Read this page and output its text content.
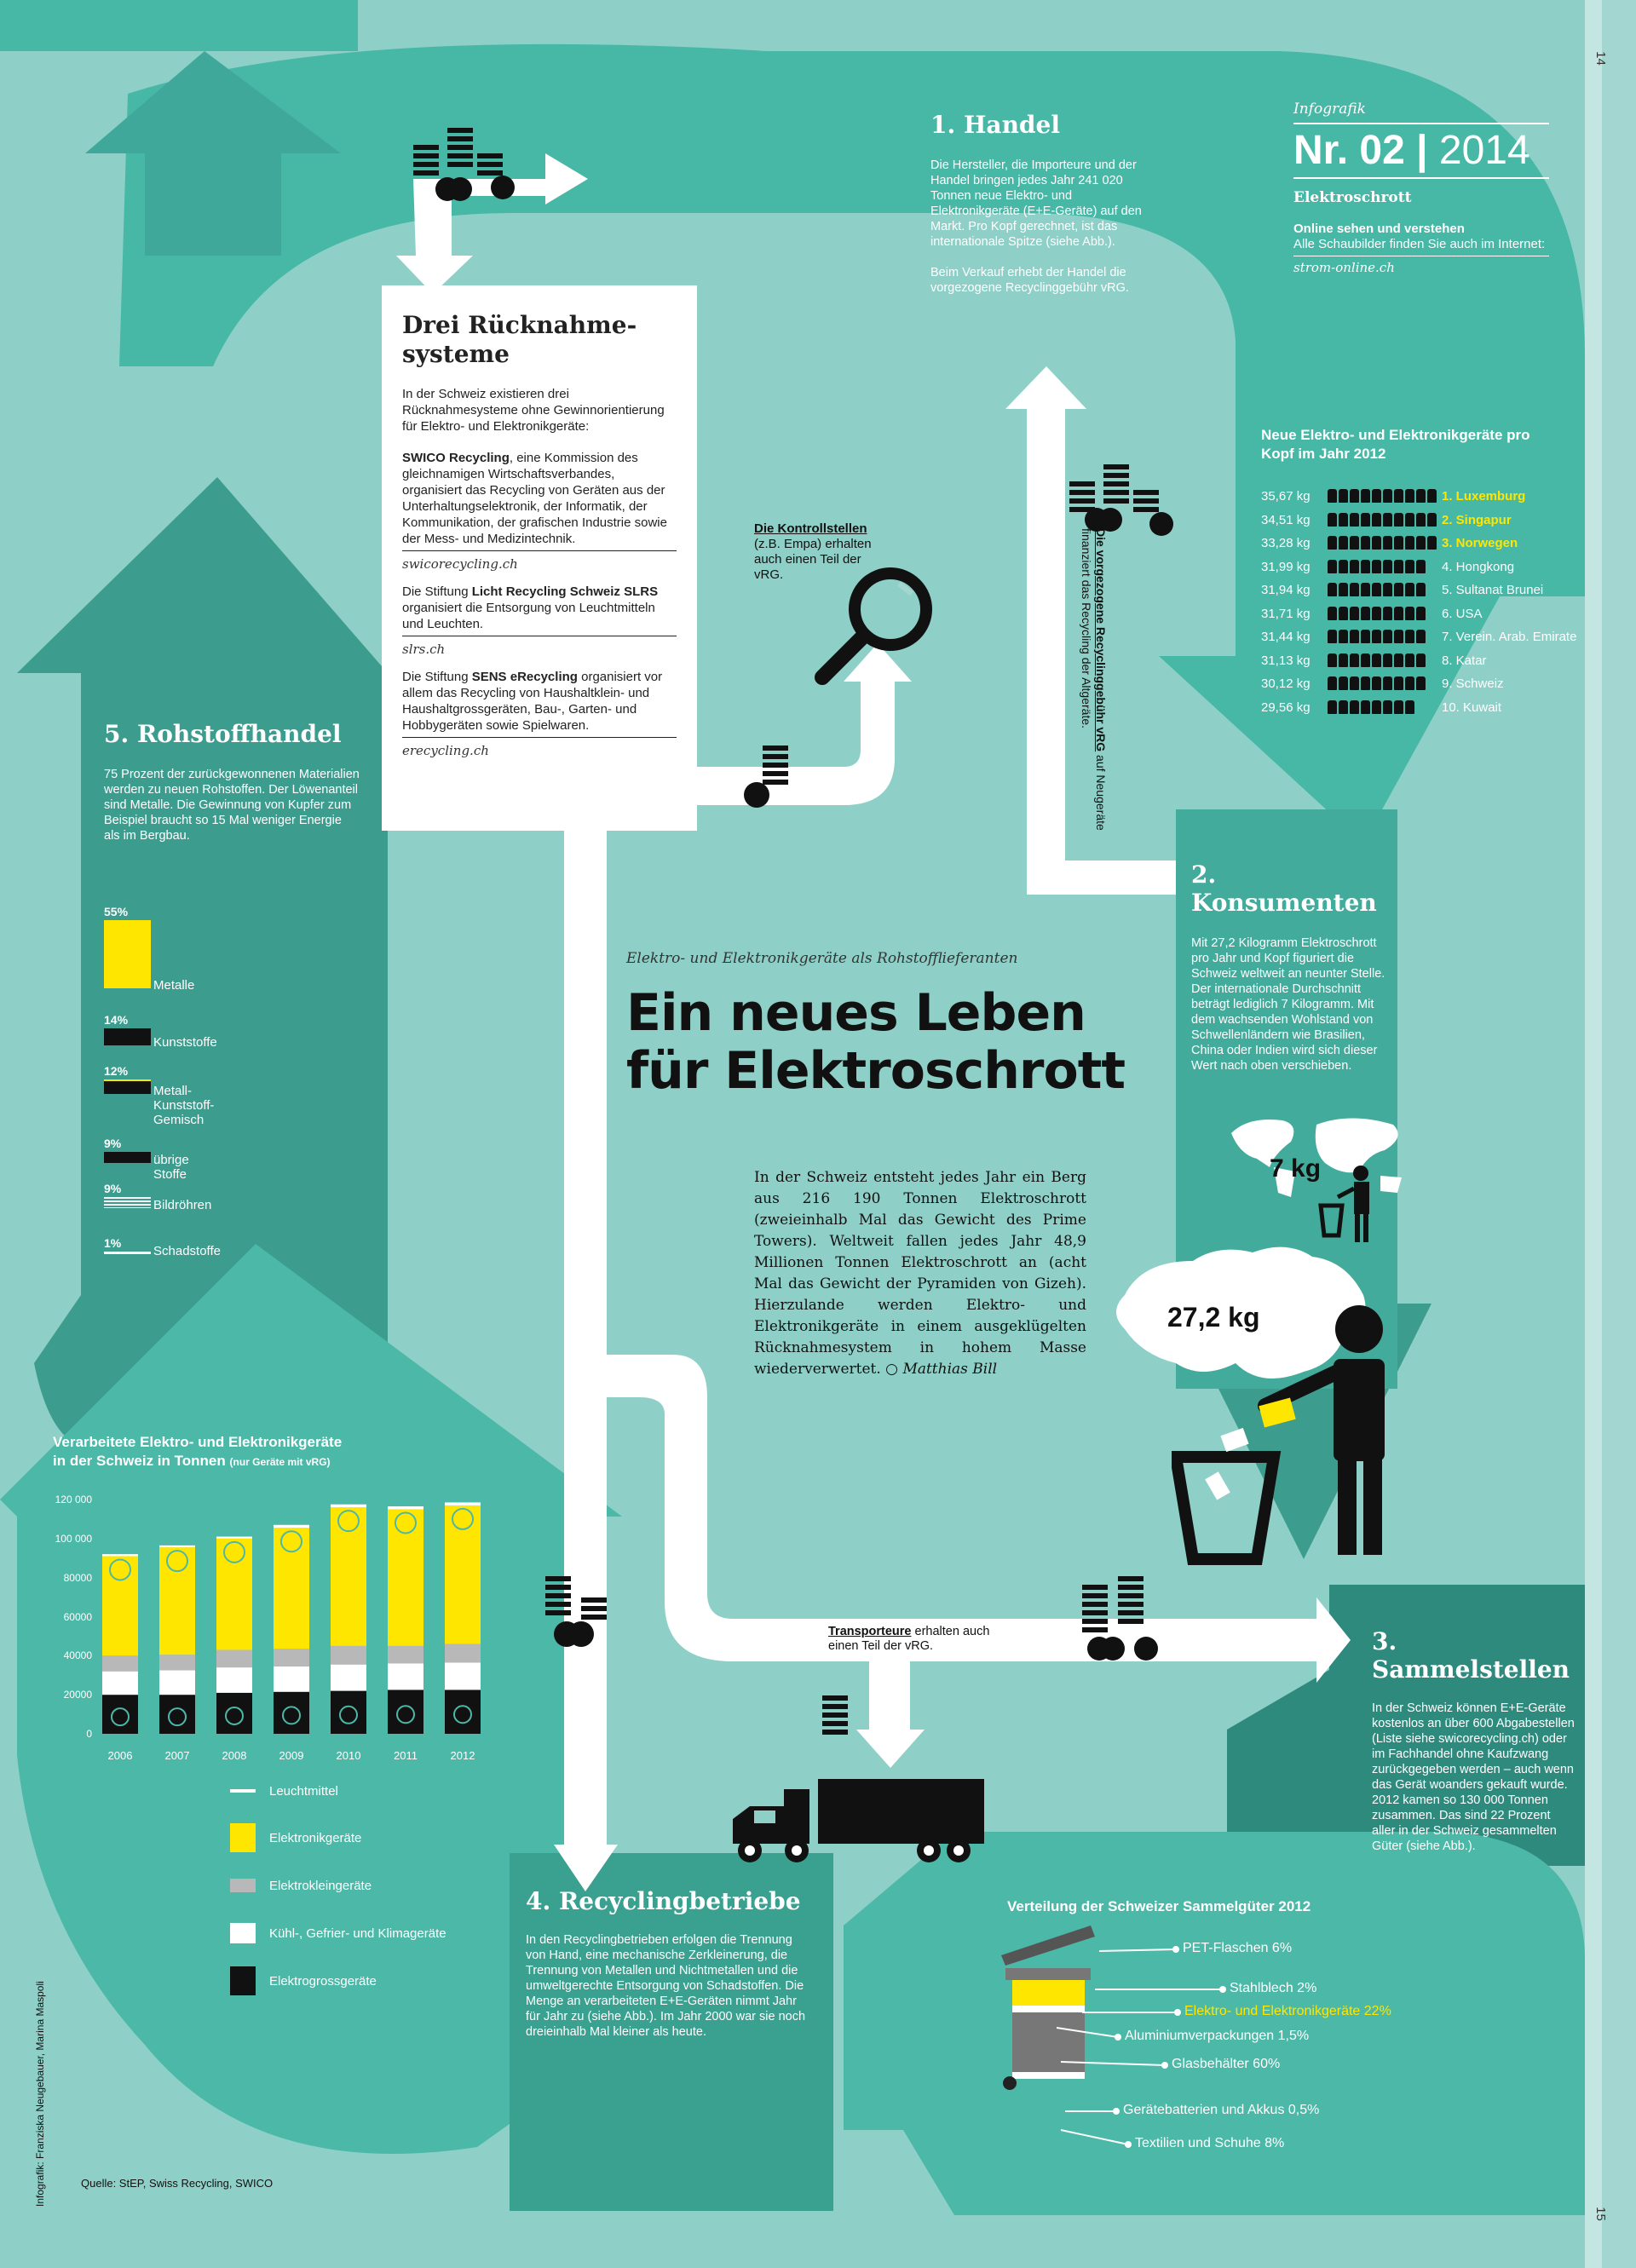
14
15
Infografik
Nr. 02 | 2014
Elektroschrott
Online sehen und verstehen
Alle Schaubilder finden Sie auch im Internet:
strom-online.ch
1. Handel

Die Hersteller, die Importeure und der Handel bringen jedes Jahr 241 020 Tonnen neue Elektro- und Elektronikgeräte (E+E-Geräte) auf den Markt. Pro Kopf gerechnet, ist das internationale Spitze (siehe Abb.).

Beim Verkauf erhebt der Handel die vorgezogene Recyclinggebühr vRG.

Neue Elektro- und Elektronikgeräte pro Kopf im Jahr 2012
35,67 kg	1. Luxemburg
34,51 kg	2. Singapur
33,28 kg	3. Norwegen
31,99 kg	4. Hongkong
31,94 kg	5. Sultanat Brunei
31,71 kg	6. USA
31,44 kg	7. Verein. Arab. Emirate
31,13 kg	8. Katar
30,12 kg	9. Schweiz
29,56 kg	10. Kuwait
Drei Rücknahme-systeme

In der Schweiz existieren drei Rücknahmesysteme ohne Gewinnorientierung für Elektro- und Elektronikgeräte:

SWICO Recycling, eine Kommission des gleichnamigen Wirtschaftsverbandes, organisiert das Recycling von Geräten aus der Unterhaltungselektronik, der Informatik, der Kommunikation, der grafischen Industrie sowie der Mess- und Medizintechnik.

swicorecycling.ch

Die Stiftung Licht Recycling Schweiz SLRS organisiert die Entsorgung von Leuchtmitteln und Leuchten.

slrs.ch

Die Stiftung SENS eRecycling organisiert vor allem das Recycling von Haushaltklein- und Haushaltgrossgeräten, Bau-, Garten- und Hobbygeräten sowie Spielwaren.

erecycling.ch
Die Kontrollstellen (z.B. Empa) erhalten auch einen Teil der vRG.	Die vorgezogene Recyclinggebühr vRG auf Neugeräte finanziert das Recycling der Altgeräte.
Elektro- und Elektronikgeräte als Rohstofflieferanten
Ein neues Leben
für Elektroschrott
In der Schweiz entsteht jedes Jahr ein Berg aus 216 190 Tonnen Elektroschrott (zweieinhalb Mal das Gewicht des Prime Towers). Weltweit fallen jedes Jahr 48,9 Millionen Tonnen Elektroschrott an (acht Mal das Gewicht der Pyramiden von Gizeh). Hierzulande werden Elektro- und Elektronikgeräte in einem ausgeklügelten Rücknahmesystem in hohem Masse wiederverwertet. ○ Matthias Bill
2. Konsumenten

Mit 27,2 Kilogramm Elektroschrott pro Jahr und Kopf figuriert die Schweiz weltweit an neunter Stelle. Der internationale Durchschnitt beträgt lediglich 7 Kilogramm. Mit dem wachsenden Wohlstand von Schwellenländern wie Brasilien, China oder Indien wird sich dieser Wert nach oben verschieben.

7 kg
27,2 kg
5. Rohstoffhandel

75 Prozent der zurückgewonnenen Materialien werden zu neuen Rohstoffen. Der Löwenanteil sind Metalle. Die Gewinnung von Kupfer zum Beispiel braucht so 15 Mal weniger Energie als im Bergbau.

55%
Metalle
14%
Kunststoffe
12%
Metall-Kunststoff-Gemisch
9%
übrige Stoffe
9%
Bildröhren
1%
Schadstoffe
3. Sammelstellen

In der Schweiz können E+E-Geräte kostenlos an über 600 Abgabestellen (Liste siehe swicorecycling.ch) oder im Fachhandel ohne Kaufzwang zurückgegeben werden – auch wenn das Gerät woanders gekauft wurde. 2012 kamen so 130 000 Tonnen zusammen. Das sind 22 Prozent aller in der Schweiz gesammelten Güter (siehe Abb.).

Transporteure erhalten auch einen Teil der vRG.
4. Recyclingbetriebe

In den Recyclingbetrieben erfolgen die Trennung von Hand, eine mechanische Zerkleinerung, die Trennung von Metallen und Nichtmetallen und die umweltgerechte Entsorgung von Schadstoffen. Die Menge an verarbeiteten E+E-Geräten nimmt Jahr für Jahr zu (siehe Abb.). Im Jahr 2000 war sie noch dreieinhalb Mal kleiner als heute.

Verteilung der Schweizer Sammelgüter 2012
PET-Flaschen 6%
Stahlblech 2%
Elektro- und Elektronikgeräte 22%
Aluminiumverpackungen 1,5%
Glasbehälter 60%
Gerätebatterien und Akkus 0,5%
Textilien und Schuhe 8%
Verarbeitete Elektro- und Elektronikgeräte
in der Schweiz in Tonnen (nur Geräte mit vRG)
0
20000
40000
60000
80000
100 000
120 000
2006	2007	2008	2009	2010	2011	2012
Leuchtmittel
Elektronikgeräte
Elektrokleingeräte
Kühl-, Gefrier- und Klimageräte
Elektrogrossgeräte
Quelle: StEP, Swiss Recycling, SWICO
Infografik: Franziska Neugebauer, Marina Maspoli
